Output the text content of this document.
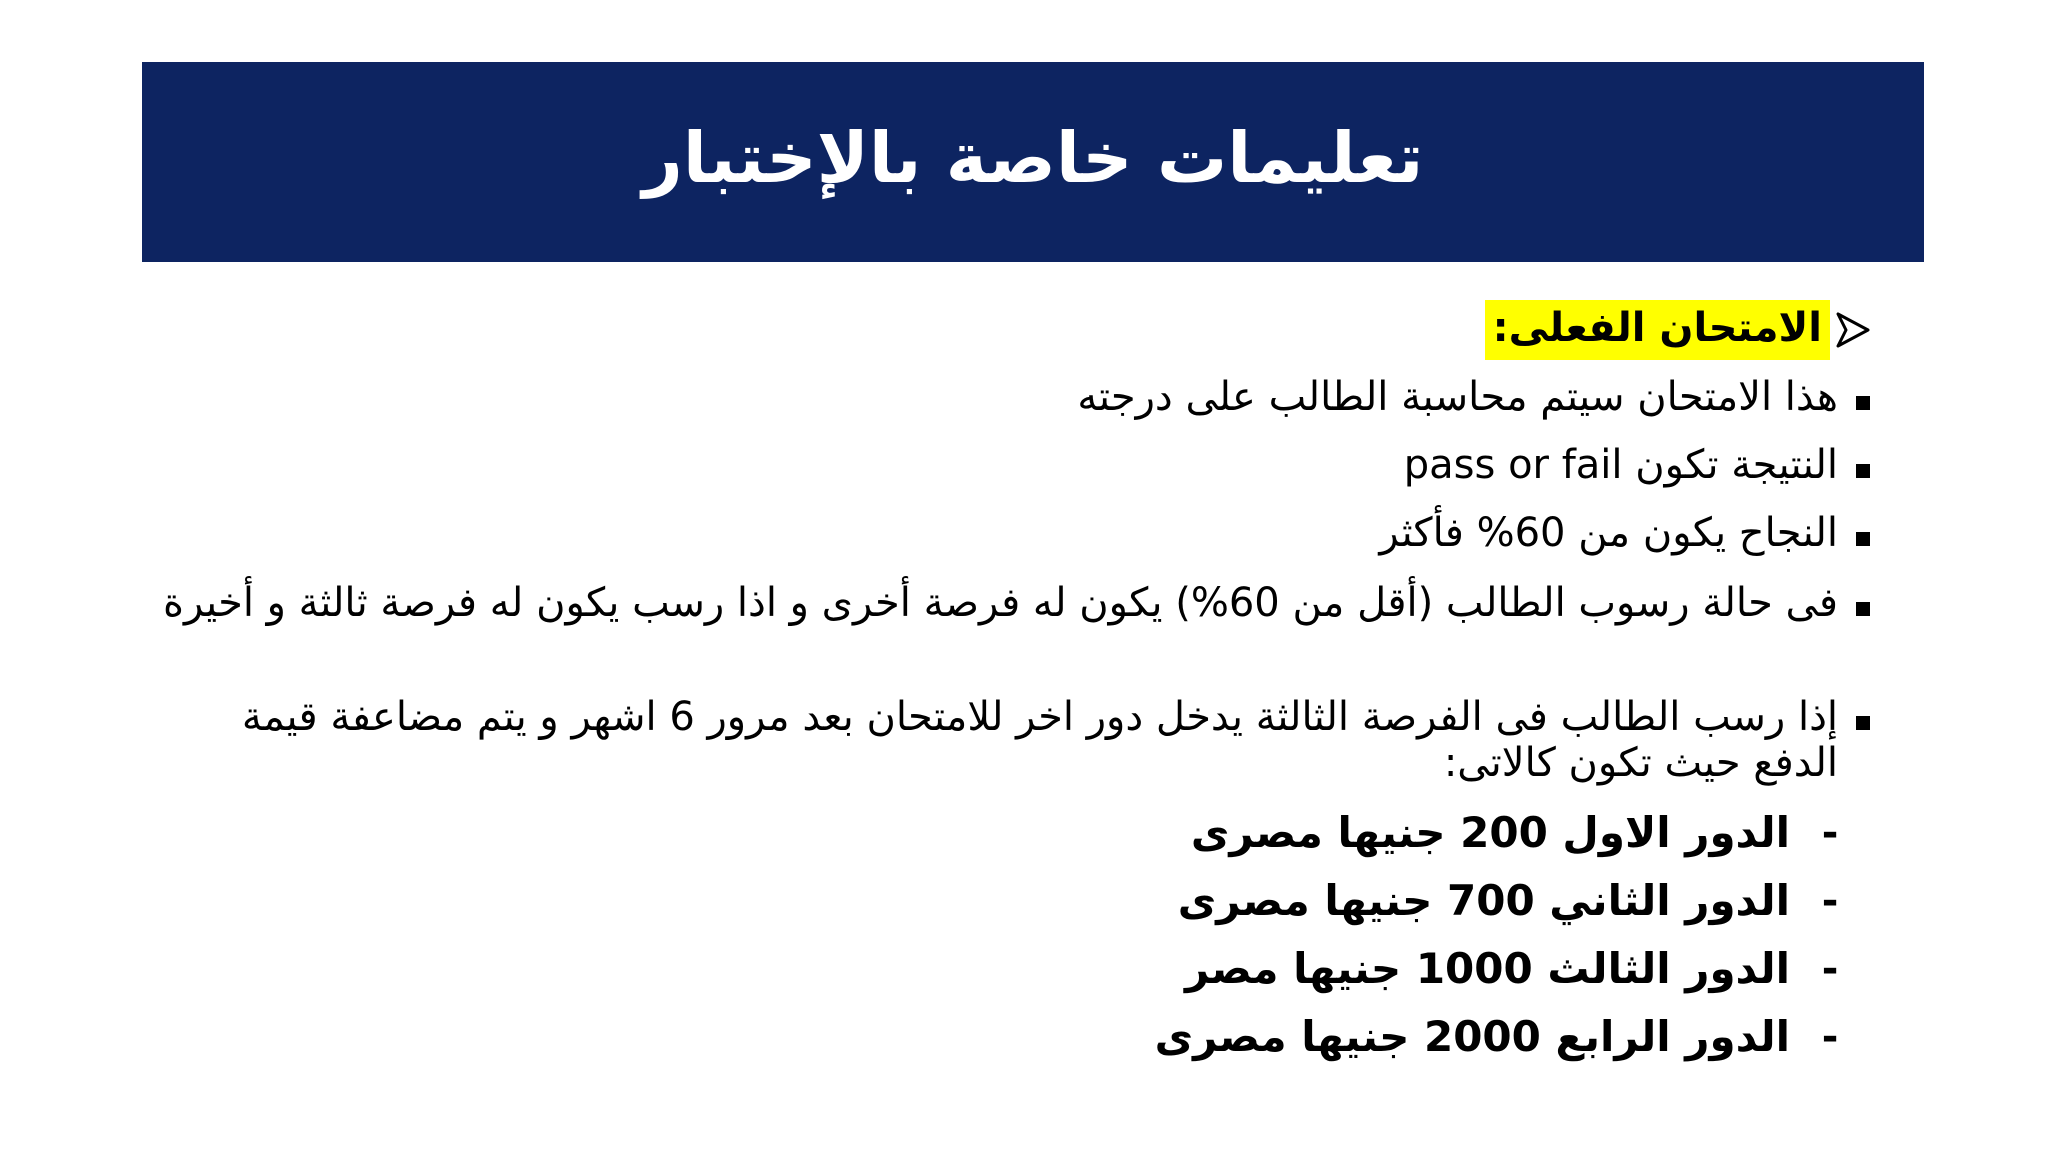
تعليمات خاصة بالإختبار
الامتحان الفعلى:
هذا الامتحان سيتم محاسبة الطالب على درجته
النتيجة تكون pass or fail
النجاح يكون من 60% فأكثر
فى حالة رسوب الطالب (أقل من 60%) يكون له فرصة أخرى و اذا رسب يكون له فرصة ثالثة و أخيرة
إذا رسب الطالب فى الفرصة الثالثة يدخل دور اخر للامتحان بعد مرور 6 اشهر و يتم مضاعفة قيمة الدفع حيث تكون كالاتى:
-
الدور الاول 200 جنيها مصرى
-
الدور الثاني 700 جنيها مصرى
-
الدور الثالث 1000 جنيها مصر
-
الدور الرابع 2000 جنيها مصرى
